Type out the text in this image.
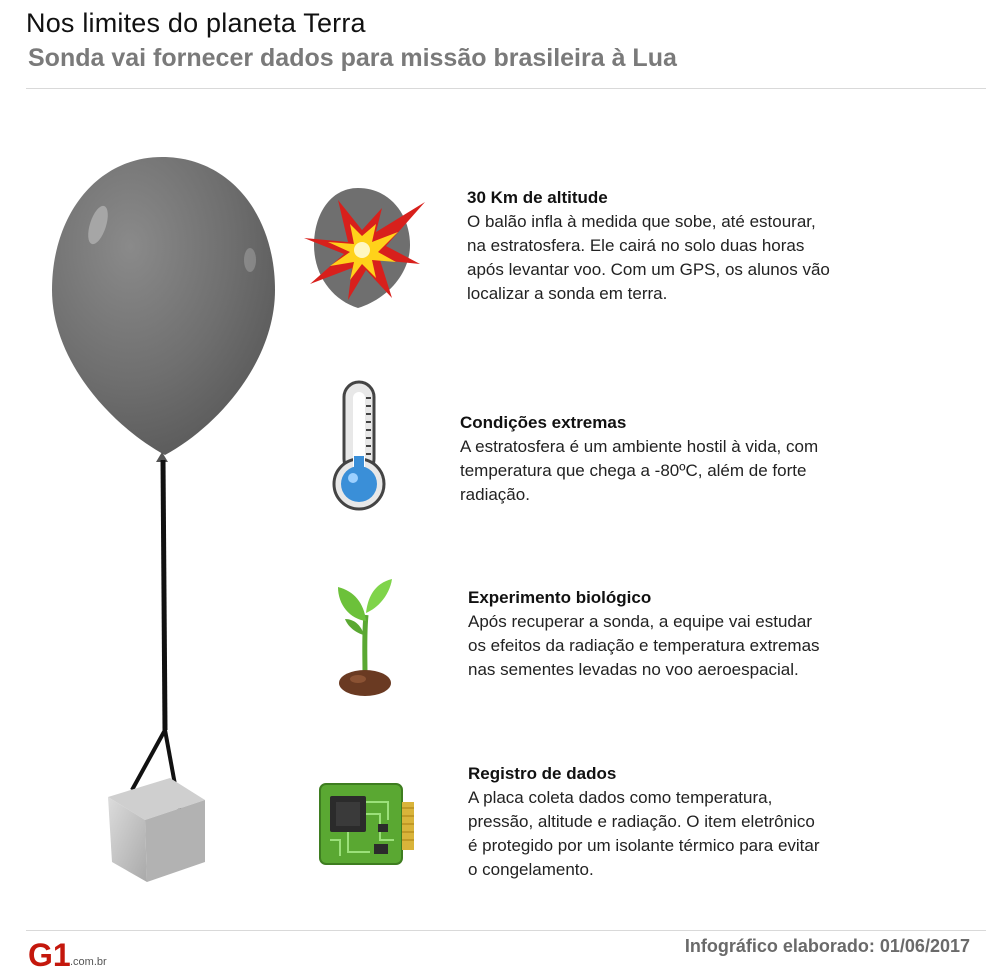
Nos limites do planeta Terra
Sonda vai fornecer dados para missão brasileira à Lua
30 Km de altitude
O balão infla à medida que sobe, até estourar,
na estratosfera. Ele cairá no solo duas horas
após levantar voo. Com um GPS, os alunos vão
localizar a sonda em terra.
Condições extremas
A estratosfera é um ambiente hostil à vida, com
temperatura que chega a -80ºC, além de forte
radiação.
Experimento biológico
Após recuperar a sonda, a equipe vai estudar
os efeitos da radiação e temperatura extremas
nas sementes levadas no voo aeroespacial.
Registro de dados
A placa coleta dados como temperatura,
pressão, altitude e radiação. O item eletrônico
é protegido por um isolante térmico para evitar
o congelamento.
G1 .com.br
Infográfico elaborado: 01/06/2017
